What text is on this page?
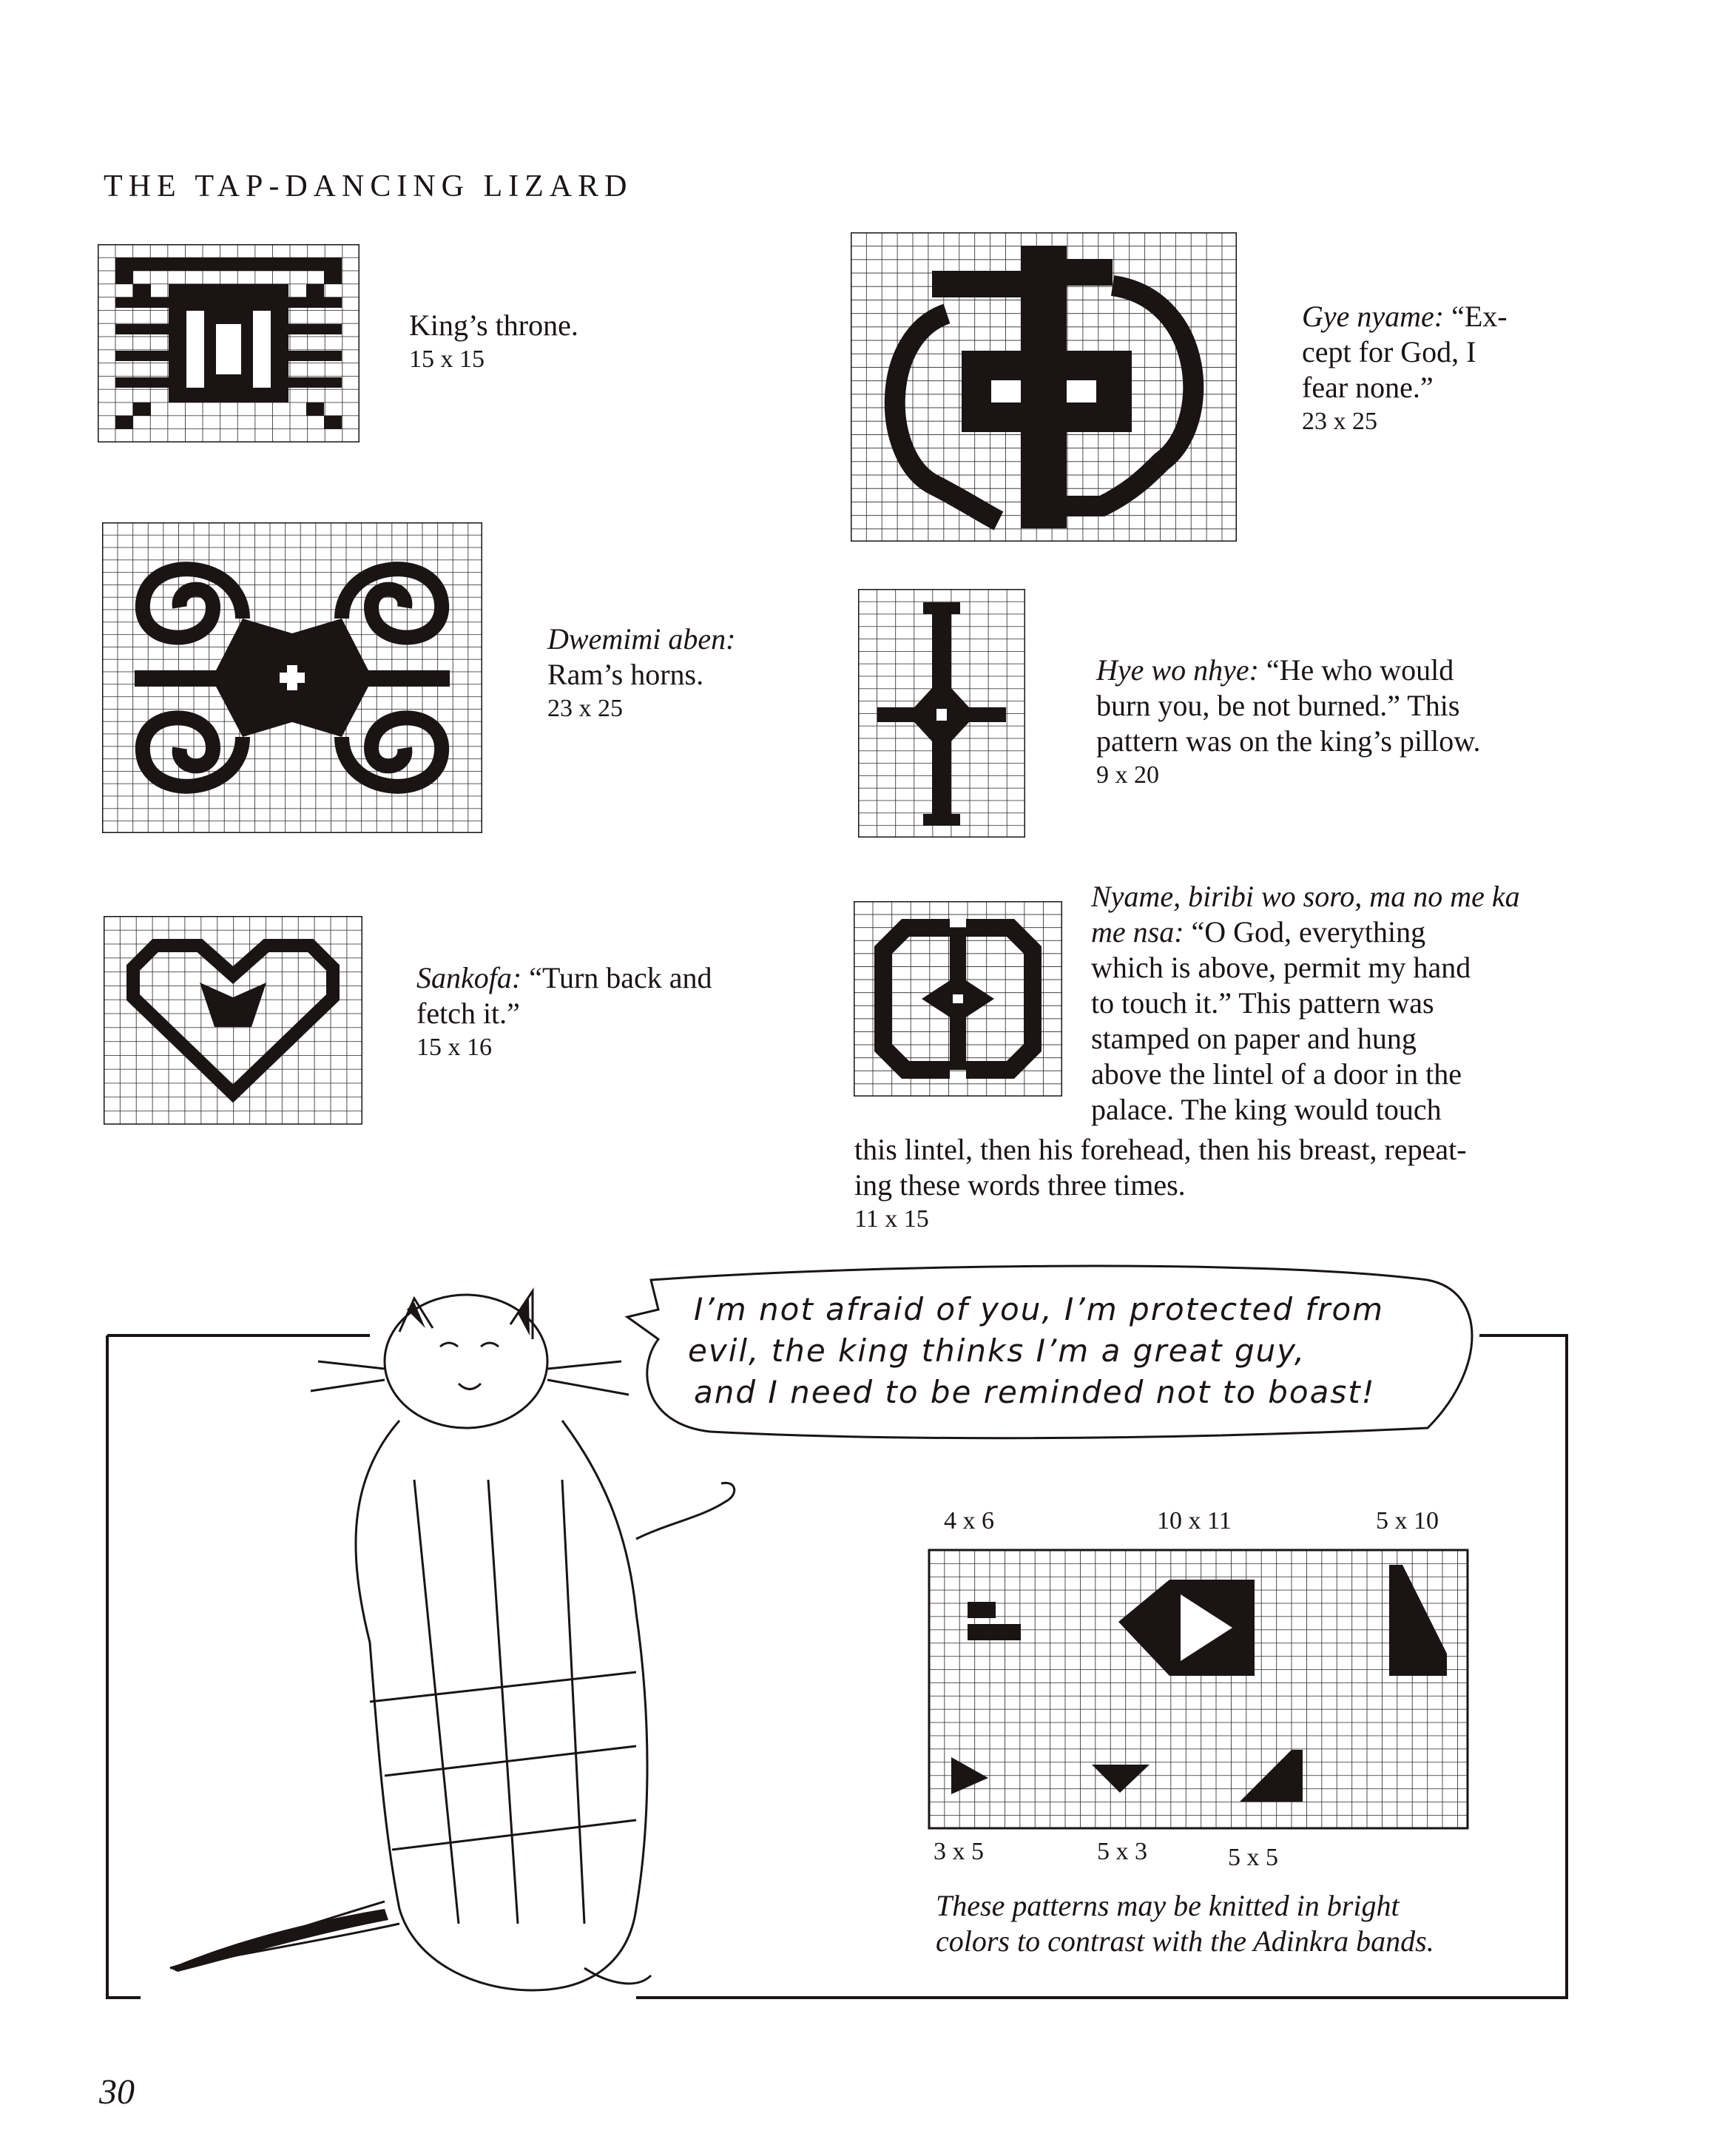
THE TAP-DANCING LIZARD
King’s throne.
15 x 15
Dwemimi aben:
Ram’s horns.
23 x 25
Sankofa: “Turn back and
fetch it.”
15 x 16
Gye nyame: “Ex-
cept for God, I
fear none.”
23 x 25
Hye wo nhye: “He who would
burn you, be not burned.” This
pattern was on the king’s pillow.
9 x 20
Nyame, biribi wo soro, ma no me ka
me nsa: “O God, everything
which is above, permit my hand
to touch it.” This pattern was
stamped on paper and hung
above the lintel of a door in the
palace. The king would touch
this lintel, then his forehead, then his breast, repeat-
ing these words three times.
11 x 15
I’m not afraid of you, I’m protected from
evil, the king thinks I’m a great guy,
and I need to be reminded not to boast!
4 x 6	10 x 11	5 x 10
3 x 5	5 x 3	5 x 5
These patterns may be knitted in bright
colors to contrast with the Adinkra bands.
30
